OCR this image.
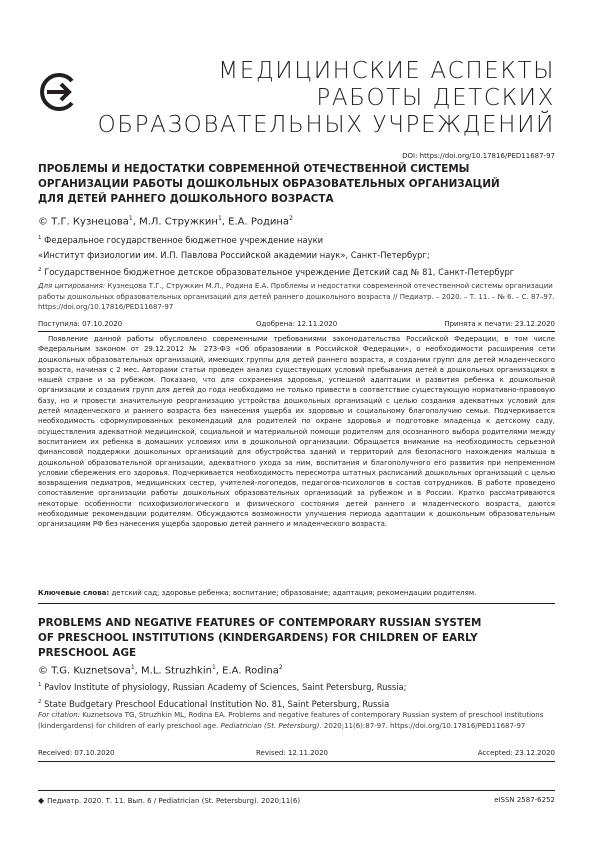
МЕДИЦИНСКИЕ АСПЕКТЫ
РАБОТЫ ДЕТСКИХ
ОБРАЗОВАТЕЛЬНЫХ УЧРЕЖДЕНИЙ
DOI: https://doi.org/10.17816/PED11687-97
ПРОБЛЕМЫ И НЕДОСТАТКИ СОВРЕМЕННОЙ ОТЕЧЕСТВЕННОЙ СИСТЕМЫ
ОРГАНИЗАЦИИ РАБОТЫ ДОШКОЛЬНЫХ ОБРАЗОВАТЕЛЬНЫХ ОРГАНИЗАЦИЙ
ДЛЯ ДЕТЕЙ РАННЕГО ДОШКОЛЬНОГО ВОЗРАСТА
© Т.Г. Кузнецова$^1$, М.Л. Стружкин$^1$, Е.А. Родина$^2$
$^1$ Федеральное государственное бюджетное учреждение науки
«Институт физиологии им. И.П. Павлова Российской академии наук», Санкт-Петербург;
$^2$ Государственное бюджетное детское образовательное учреждение Детский сад № 81, Санкт-Петербург
Для цитирования: Кузнецова Т.Г., Стружкин М.Л., Родина Е.А. Проблемы и недостатки современной отечественной системы организации работы дошкольных образовательных организаций для детей раннего дошкольного возраста // Педиатр. – 2020. – Т. 11. – № 6. – С. 87–97. https://doi.org/10.17816/PED11687-97
Поступила: 07.10.2020	Одобрена: 12.11.2020	Принята к печати: 23.12.2020

Появление данной работы обусловлено современными требованиями законодательства Российской Федерации, в том числе Федеральным законом от 29.12.2012 № 273-ФЗ «Об образовании в Российской Федерации», о необходимости расширения сети дошкольных образовательных организаций, имеющих группы для детей раннего возраста, и создании групп для детей младенческого возраста, начиная с 2 мес. Авторами статьи проведен анализ существующих условий пребывания детей в дошкольных организациях в нашей стране и за рубежом. Показано, что для сохранения здоровья, успешной адаптации и развития ребенка к дошкольной организации и создания групп для детей до года необходимо не только привести в соответствие существующую нормативно-правовую базу, но и провести значительную реорганизацию устройства дошкольных организаций с целью создания адекватных условий для детей младенческого и раннего возраста без нанесения ущерба их здоровью и социальному благополучию семьи. Подчеркивается необходимость сформулированных рекомендаций для родителей по охране здоровья и подготовке младенца к детскому саду, осуществления адекватной медицинской, социальной и материальной помощи родителям для осознанного выбора родителями между воспитанием их ребенка в домашних условиях или в дошкольной организации. Обращается внимание на необходимость серьезной финансовой поддержки дошкольных организаций для обустройства зданий и территорий для безопасного нахождения малыша в дошкольной образовательной организации, адекватного ухода за ним, воспитания и благополучного его развития при непременном условии сбережения его здоровья. Подчеркивается необходимость пересмотра штатных расписаний дошкольных организаций с целью возвращения педиатров, медицинских сестер, учителей-логопедов, педагогов-психологов в состав сотрудников. В работе проведено сопоставление организации работы дошкольных образовательных организаций за рубежом и в России. Кратко рассматриваются некоторые особенности психофизиологического и физического состояния детей раннего и младенческого возраста, даются необходимые рекомендации родителям. Обсуждаются возможности улучшения периода адаптации к дошкольным образовательным организациям РФ без нанесения ущерба здоровью детей раннего и младенческого возраста.

Ключевые слова: детский сад; здоровье ребенка; воспитание; образование; адаптация; рекомендации родителям.
PROBLEMS AND NEGATIVE FEATURES OF CONTEMPORARY RUSSIAN SYSTEM
OF PRESCHOOL INSTITUTIONS (KINDERGARDENS) FOR CHILDREN OF EARLY
PRESCHOOL AGE
© T.G. Kuznetsova$^1$, M.L. Struzhkin$^1$, E.A. Rodina$^2$
$^1$ Pavlov Institute of physiology, Russian Academy of Sciences, Saint Petersburg, Russia;
$^2$ State Budgetary Preschool Educational Institution No. 81, Saint Petersburg, Russia
For citation: Kuznetsova TG, Struzhkin ML, Rodina EA. Problems and negative features of contemporary Russian system of preschool institutions (kindergardens) for children of early preschool age. Pediatrician (St. Petersburg). 2020;11(6):87-97. https://doi.org/10.17816/PED11687-97
Received: 07.10.2020	Revised: 12.11.2020	Accepted: 23.12.2020
◆ Педиатр. 2020. Т. 11. Вып. 6 / Pediatrician (St. Petersburg). 2020;11(6)	eISSN 2587-6252
